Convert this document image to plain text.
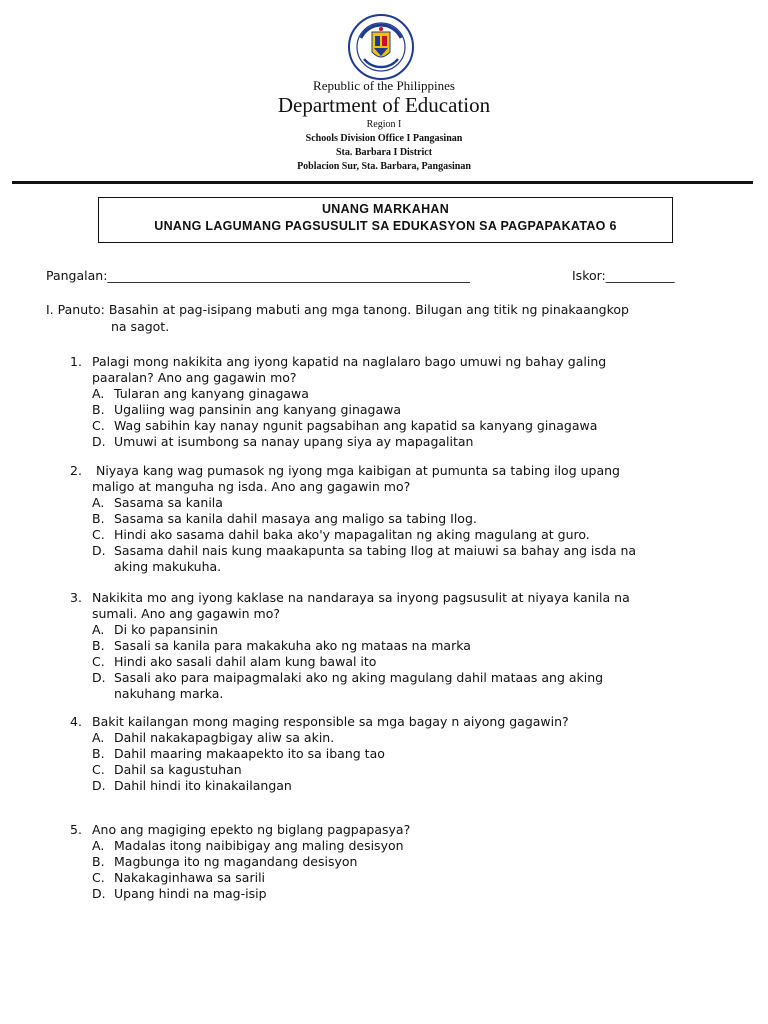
Republic of the Philippines
Department of Education
Region I
Schools Division Office I Pangasinan
Sta. Barbara I District
Poblacion Sur, Sta. Barbara, Pangasinan
UNANG MARKAHAN
UNANG LAGUMANG PAGSUSULIT SA EDUKASYON SA PAGPAPAKATAO 6
Pangalan:__________________________________________________________	Iskor:___________
I. Panuto: Basahin at pag-isipang mabuti ang mga tanong. Bilugan ang titik ng pinakaangkop
na sagot.
1. Palagi mong nakikita ang iyong kapatid na naglalaro bago umuwi ng bahay galing
paaralan? Ano ang gagawin mo?
A. Tularan ang kanyang ginagawa
B. Ugaliing wag pansinin ang kanyang ginagawa
C. Wag sabihin kay nanay ngunit pagsabihan ang kapatid sa kanyang ginagawa
D. Umuwi at isumbong sa nanay upang siya ay mapagalitan
2. Niyaya kang wag pumasok ng iyong mga kaibigan at pumunta sa tabing ilog upang
maligo at manguha ng isda. Ano ang gagawin mo?
A. Sasama sa kanila
B. Sasama sa kanila dahil masaya ang maligo sa tabing Ilog.
C. Hindi ako sasama dahil baka ako'y mapagalitan ng aking magulang at guro.
D. Sasama dahil nais kung maakapunta sa tabing Ilog at maiuwi sa bahay ang isda na
aking makukuha.
3. Nakikita mo ang iyong kaklase na nandaraya sa inyong pagsusulit at niyaya kanila na
sumali. Ano ang gagawin mo?
A. Di ko papansinin
B. Sasali sa kanila para makakuha ako ng mataas na marka
C. Hindi ako sasali dahil alam kung bawal ito
D. Sasali ako para maipagmalaki ako ng aking magulang dahil mataas ang aking
nakuhang marka.
4. Bakit kailangan mong maging responsible sa mga bagay n aiyong gagawin?
A. Dahil nakakapagbigay aliw sa akin.
B. Dahil maaring makaapekto ito sa ibang tao
C. Dahil sa kagustuhan
D. Dahil hindi ito kinakailangan
5. Ano ang magiging epekto ng biglang pagpapasya?
A. Madalas itong naibibigay ang maling desisyon
B. Magbunga ito ng magandang desisyon
C. Nakakaginhawa sa sarili
D. Upang hindi na mag-isip
